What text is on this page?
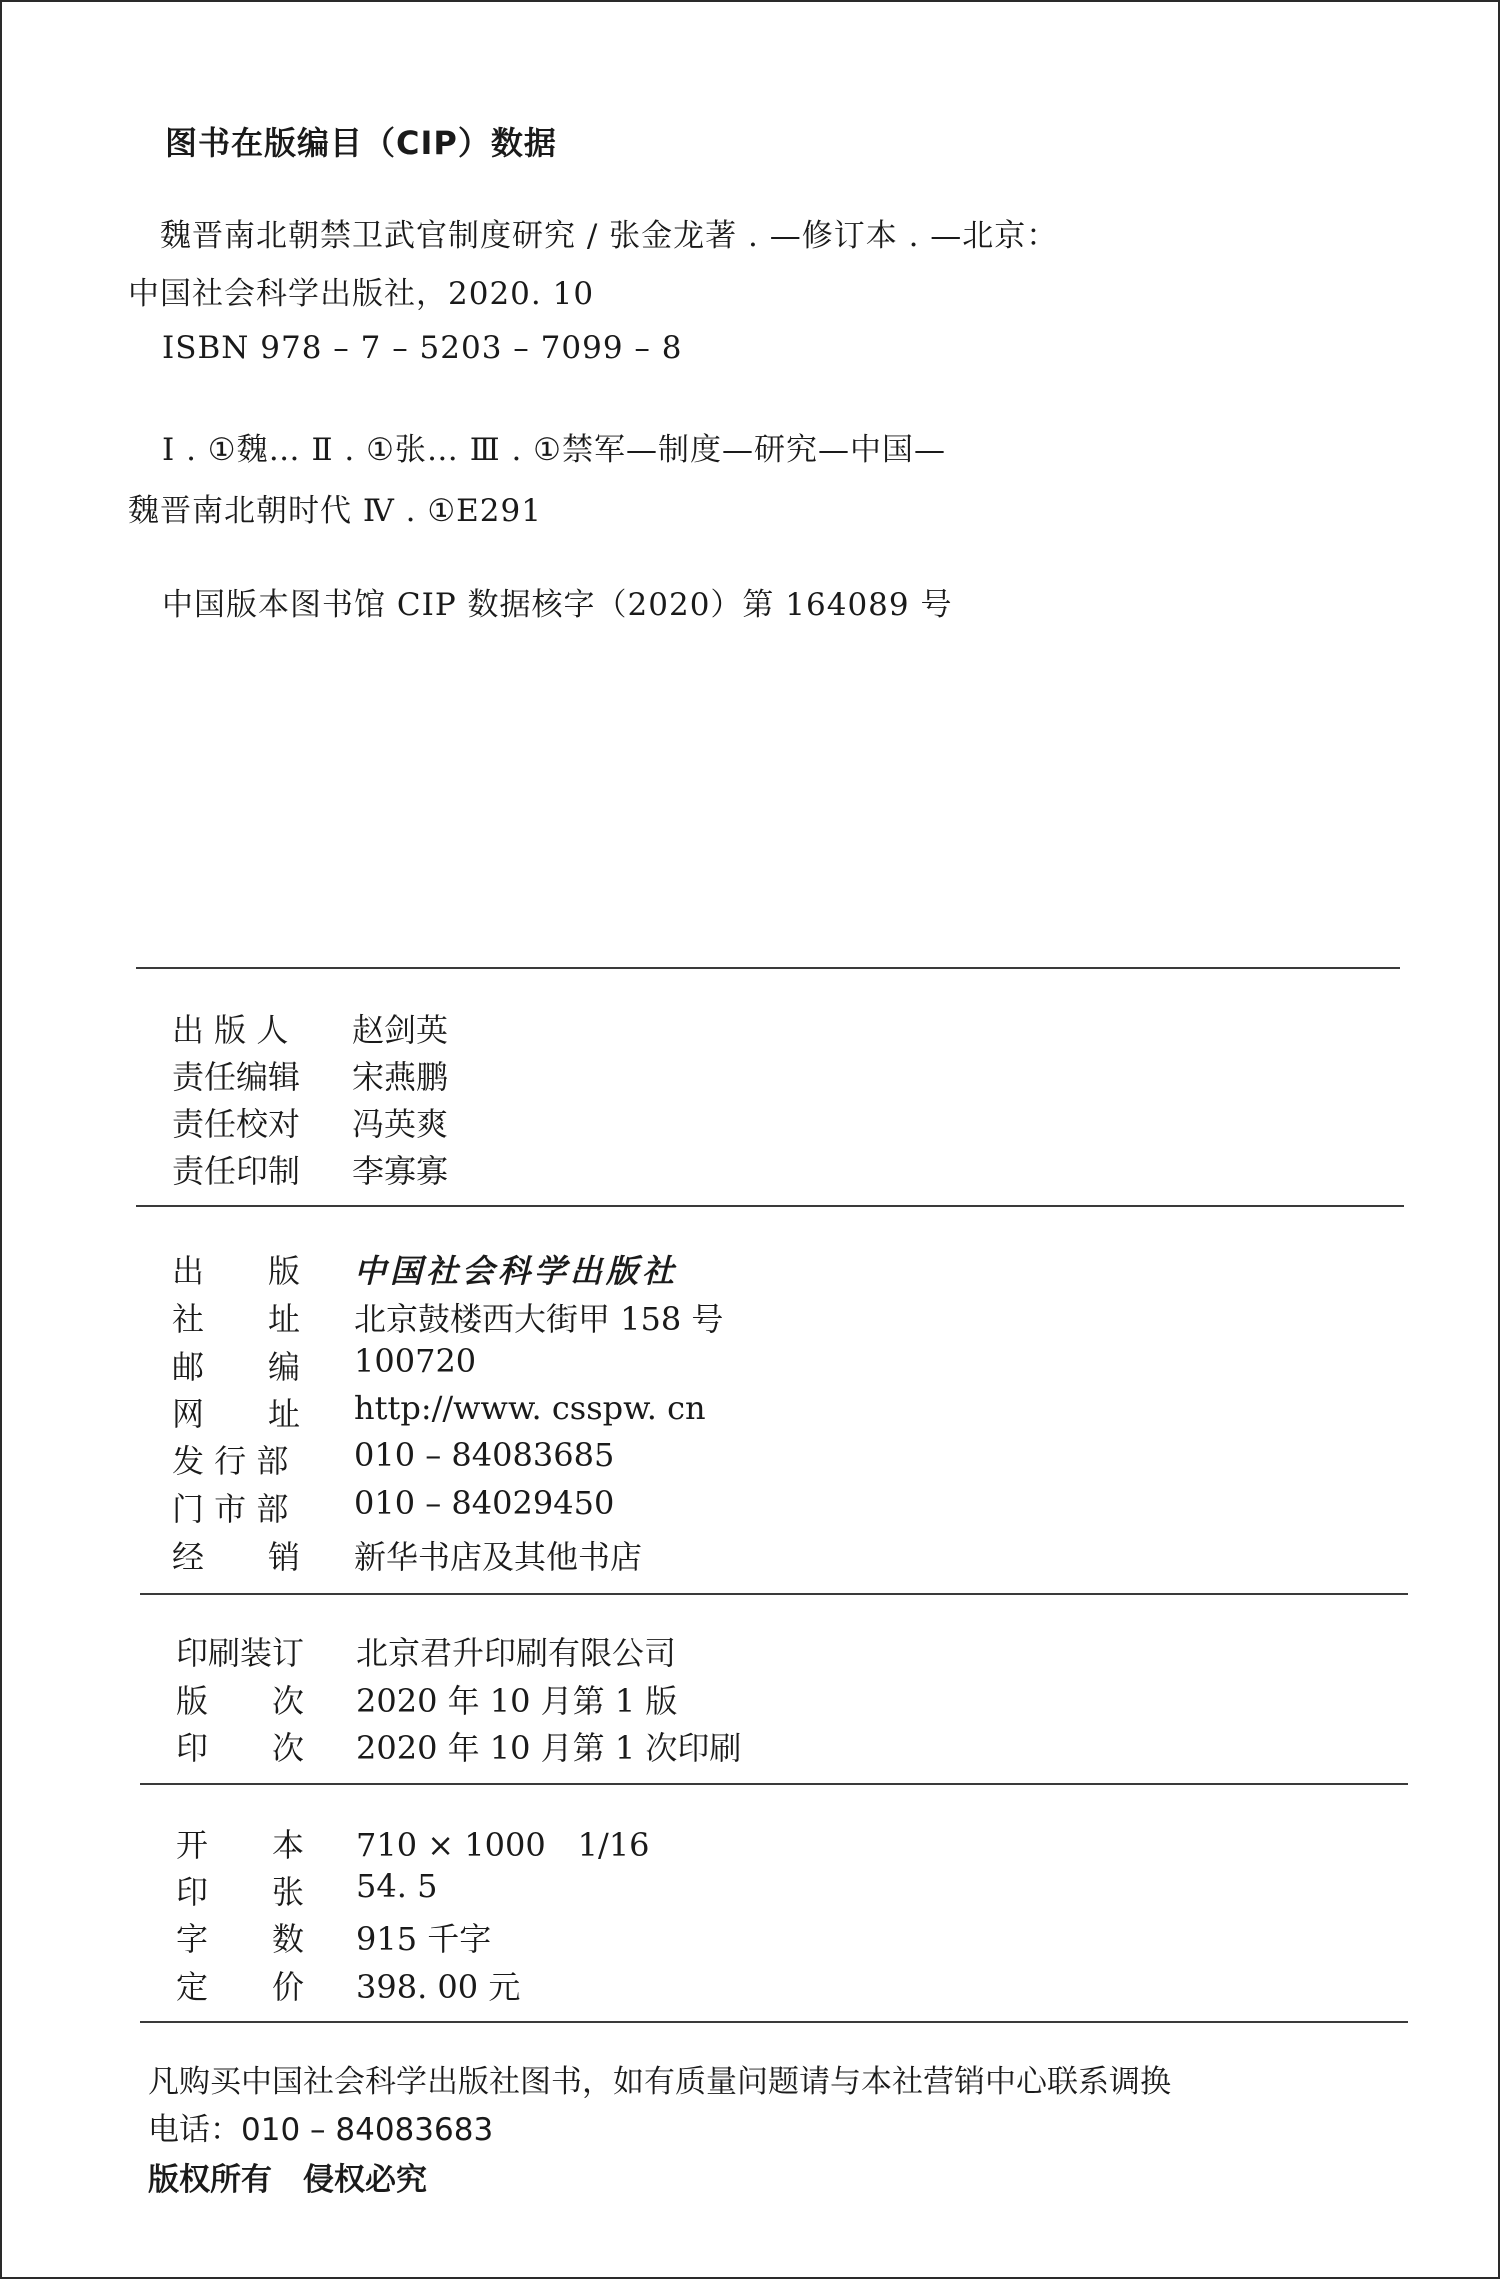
图书在版编目（CIP）数据
魏晋南北朝禁卫武官制度研究 / 张金龙著 . —修订本 . —北京：
中国社会科学出版社，2020. 10
ISBN 978 – 7 – 5203 – 7099 – 8
Ⅰ . ①魏… Ⅱ . ①张… Ⅲ . ①禁军—制度—研究—中国—
魏晋南北朝时代 Ⅳ . ①E291
中国版本图书馆 CIP 数据核字（2020）第 164089 号
出 版 人 赵剑英
责任编辑 宋燕鹏
责任校对 冯英爽
责任印制 李寡寡
出　　版 中国社会科学出版社
社　　址 北京鼓楼西大街甲 158 号
邮　　编 100720
网　　址 http://www. csspw. cn
发 行 部 010 – 84083685
门 市 部 010 – 84029450
经　　销 新华书店及其他书店
印刷装订 北京君升印刷有限公司
版　　次 2020 年 10 月第 1 版
印　　次 2020 年 10 月第 1 次印刷
开　　本 710 × 1000　1/16
印　　张 54. 5
字　　数 915 千字
定　　价 398. 00 元
凡购买中国社会科学出版社图书，如有质量问题请与本社营销中心联系调换
电话：010 – 84083683
版权所有　侵权必究
